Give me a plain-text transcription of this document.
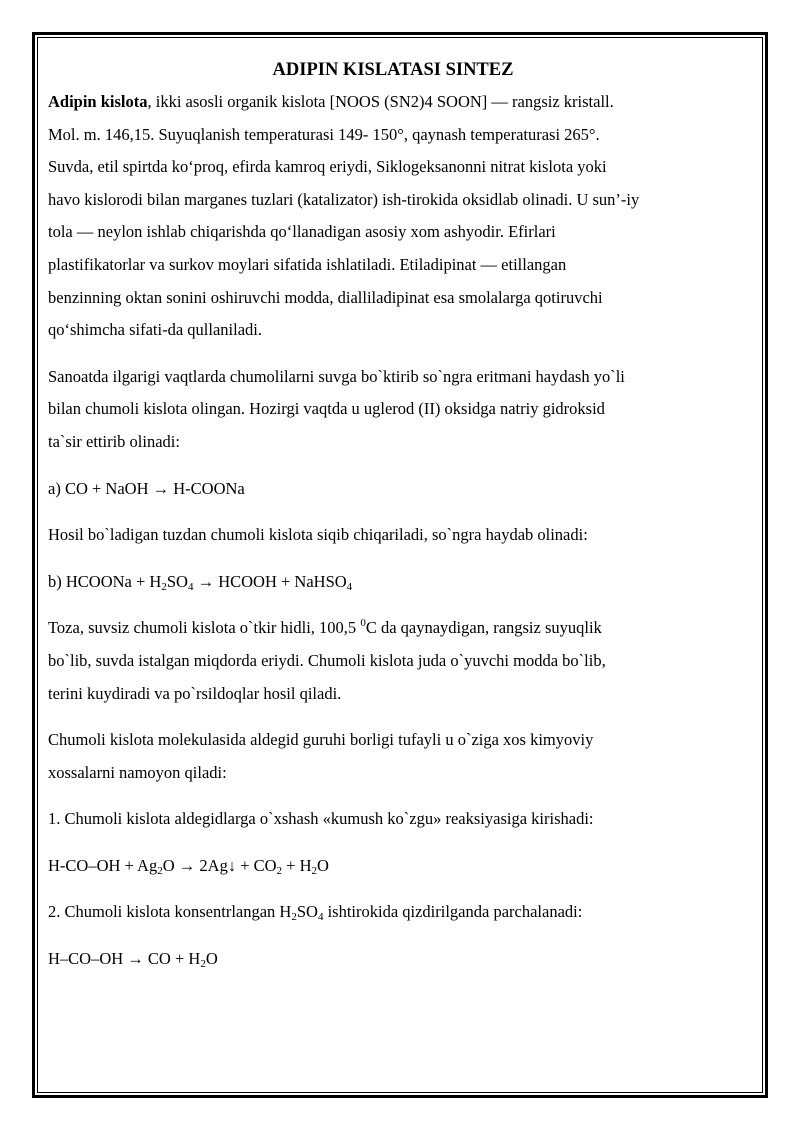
ADIPIN KISLATASI SINTEZ

Adipin kislota, ikki asosli organik kislota [NOOS (SN2)4 SOON] — rangsiz kristall.
Mol. m. 146,15. Suyuqlanish temperaturasi 149- 150°, qaynash temperaturasi 265°.
Suvda, etil spirtda koʻproq, efirda kamroq eriydi, Siklogeksanonni nitrat kislota yoki
havo kislorodi bilan marganes tuzlari (katalizator) ish-tirokida oksidlab olinadi. U sun’-iy
tola — neylon ishlab chiqarishda qoʻllanadigan asosiy xom ashyodir. Efirlari
plastifikatorlar va surkov moylari sifatida ishlatiladi. Etiladipinat — etillangan
benzinning oktan sonini oshiruvchi modda, dialliladipinat esa smolalarga qotiruvchi
qoʻshimcha sifati-da qullaniladi.

Sanoatda ilgarigi vaqtlarda chumolilarni suvga bo`ktirib so`ngra eritmani haydash yo`li
bilan chumoli kislota olingan. Hozirgi vaqtda u uglerod (II) oksidga natriy gidroksid
ta`sir ettirib olinadi:

a) CO + NaOH → H-COONa

Hosil bo`ladigan tuzdan chumoli kislota siqib chiqariladi, so`ngra haydab olinadi:

b) HCOONa + $H_2SO_4$ → HCOOH + NaHSO$_4$

Toza, suvsiz chumoli kislota o`tkir hidli, 100,5 $^0$C da qaynaydigan, rangsiz suyuqlik
bo`lib, suvda istalgan miqdorda eriydi. Chumoli kislota juda o`yuvchi modda bo`lib,
terini kuydiradi va po`rsildoqlar hosil qiladi.

Chumoli kislota molekulasida aldegid guruhi borligi tufayli u o`ziga xos kimyoviy
xossalarni namoyon qiladi:

1. Chumoli kislota aldegidlarga o`xshash «kumush ko`zgu» reaksiyasiga kirishadi:

$H-CO-OH + Ag_2O$ → 2Ag↓ + $CO_2 + H_2O$

2. Chumoli kislota konsentrlangan $H_2SO_4$ ishtirokida qizdirilganda parchalanadi:

H–CO–OH → CO + $H_2O$
